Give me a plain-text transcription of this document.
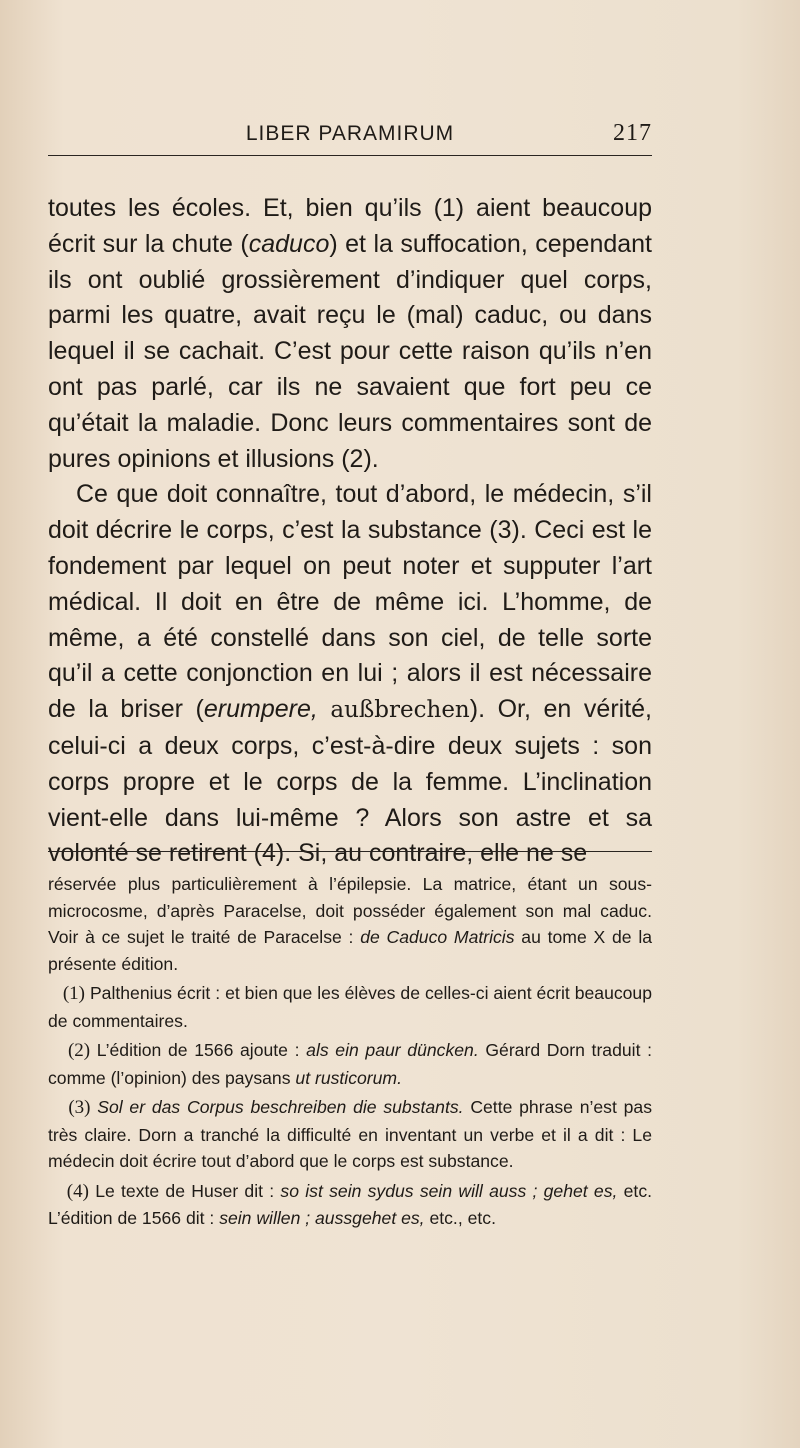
LIBER PARAMIRUM	217

toutes les écoles. Et, bien qu’ils (1) aient beaucoup écrit sur la chute (caduco) et la suffocation, cependant ils ont oublié grossièrement d’indiquer quel corps, parmi les quatre, avait reçu le (mal) caduc, ou dans lequel il se cachait. C’est pour cette raison qu’ils n’en ont pas parlé, car ils ne savaient que fort peu ce qu’était la maladie. Donc leurs commentaires sont de pures opinions et illusions (2).

Ce que doit connaître, tout d’abord, le médecin, s’il doit décrire le corps, c’est la substance (3). Ceci est le fondement par lequel on peut noter et supputer l’art médical. Il doit en être de même ici. L’homme, de même, a été constellé dans son ciel, de telle sorte qu’il a cette conjonction en lui ; alors il est nécessaire de la briser (erumpere, außbrechen). Or, en vérité, celui-ci a deux corps, c’est-à-dire deux sujets : son corps propre et le corps de la femme. L’inclination vient-elle dans lui-même ? Alors son astre et sa volonté se retirent (4). Si, au contraire, elle ne se

réservée plus particulièrement à l’épilepsie. La matrice, étant un sous-microcosme, d’après Paracelse, doit posséder également son mal caduc. Voir à ce sujet le traité de Paracelse : de Caduco Matricis au tome X de la présente édition.

(1) Palthenius écrit : et bien que les élèves de celles-ci aient écrit beaucoup de commentaires.

(2) L’édition de 1566 ajoute : als ein paur düncken. Gérard Dorn traduit : comme (l’opinion) des paysans ut rusticorum.

(3) Sol er das Corpus beschreiben die substants. Cette phrase n’est pas très claire. Dorn a tranché la difficulté en inventant un verbe et il a dit : Le médecin doit écrire tout d’abord que le corps est substance.

(4) Le texte de Huser dit : so ist sein sydus sein will auss ; gehet es, etc. L’édition de 1566 dit : sein willen ; aussgehet es, etc., etc.
